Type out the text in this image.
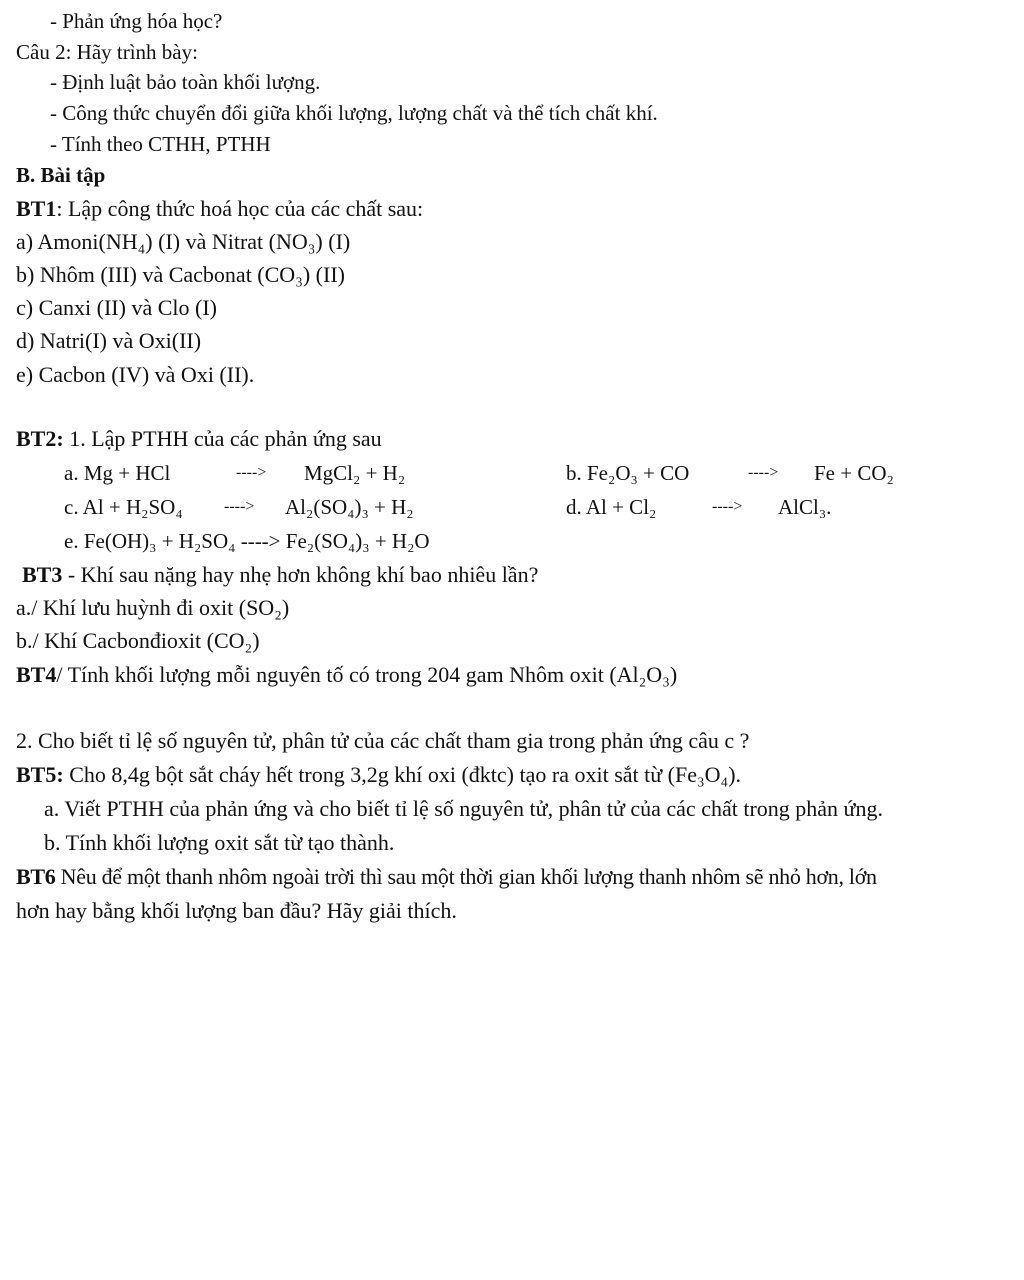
- Phản ứng hóa học?
Câu 2: Hãy trình bày:
- Định luật bảo toàn khối lượng.
- Công thức chuyển đổi giữa khối lượng, lượng chất và thể tích chất khí.
- Tính theo CTHH, PTHH
B. Bài tập
BT1: Lập công thức hoá học của các chất sau:
a) Amoni(NH₄) (I) và Nitrat (NO₃) (I)
b) Nhôm (III) và Cacbonat (CO₃) (II)
c) Canxi (II) và Clo (I)
d) Natri(I) và Oxi(II)
e) Cacbon (IV) và Oxi (II).
BT2: 1. Lập PTHH của các phản ứng sau
a. Mg + HCl	----> MgCl₂ + H₂	b. Fe₂O₃ + CO	----> Fe + CO₂
c. Al + H₂SO₄	----> Al₂(SO₄)₃ + H₂	d. Al + Cl₂	----> AlCl₃.
e. Fe(OH)₃ + H₂SO₄ ----> Fe₂(SO₄)₃ + H₂O
BT3 - Khí sau nặng hay nhẹ hơn không khí bao nhiêu lần?
a./ Khí lưu huỳnh đi oxit (SO₂)
b./ Khí Cacbonđioxit (CO₂)
BT4/ Tính khối lượng mỗi nguyên tố có trong 204 gam Nhôm oxit (Al₂O₃)
2. Cho biết tỉ lệ số nguyên tử, phân tử của các chất tham gia trong phản ứng câu c ?
BT5: Cho 8,4g bột sắt cháy hết trong 3,2g khí oxi (đktc) tạo ra oxit sắt từ (Fe₃O₄).
a. Viết PTHH của phản ứng và cho biết tỉ lệ số nguyên tử, phân tử của các chất trong phản ứng.
b. Tính khối lượng oxit sắt từ tạo thành.
BT6 Nêu để một thanh nhôm ngoài trời thì sau một thời gian khối lượng thanh nhôm sẽ nhỏ hơn, lớn
hơn hay bằng khối lượng ban đầu? Hãy giải thích.
